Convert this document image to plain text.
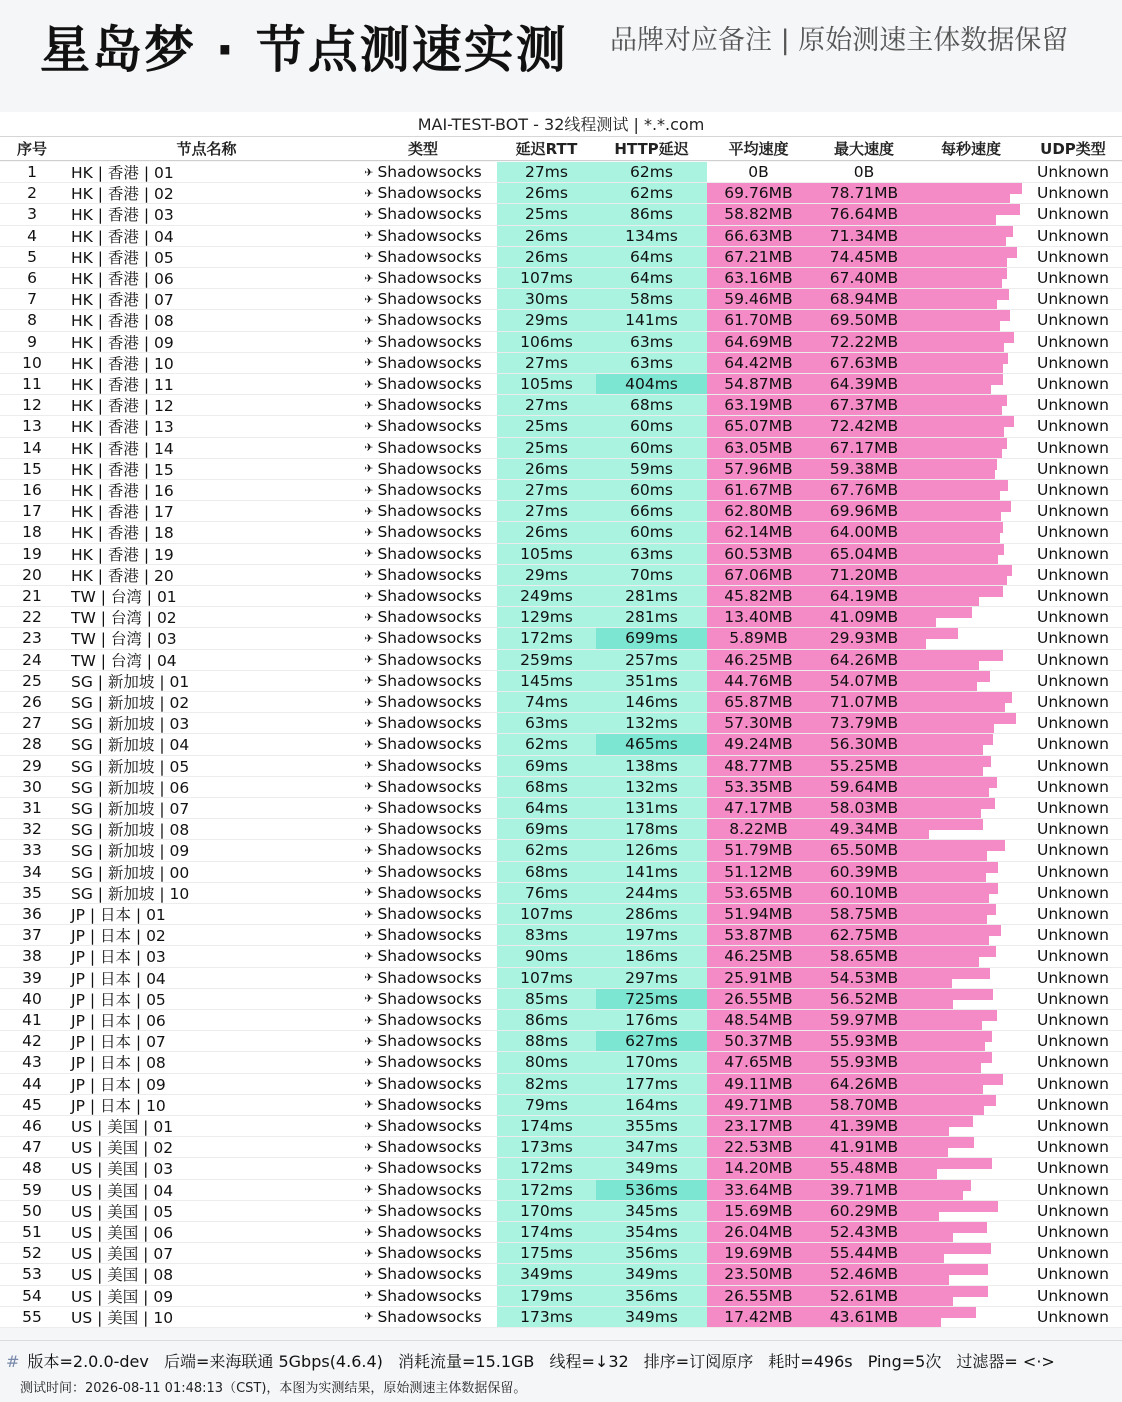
星岛梦 · 节点测速实测 品牌对应备注 | 原始测速主体数据保留
MAI-TEST-BOT - 32线程测试 | *.*.com
序号	节点名称	类型	延迟RTT	HTTP延迟	平均速度	最大速度	每秒速度	UDP类型
1	HK | 香港 | 01	✈ Shadowsocks	27ms	62ms	0B	0B	Unknown
2	HK | 香港 | 02	✈ Shadowsocks	26ms	62ms	69.76MB	78.71MB	Unknown
3	HK | 香港 | 03	✈ Shadowsocks	25ms	86ms	58.82MB	76.64MB	Unknown
4	HK | 香港 | 04	✈ Shadowsocks	26ms	134ms	66.63MB	71.34MB	Unknown
5	HK | 香港 | 05	✈ Shadowsocks	26ms	64ms	67.21MB	74.45MB	Unknown
6	HK | 香港 | 06	✈ Shadowsocks	107ms	64ms	63.16MB	67.40MB	Unknown
7	HK | 香港 | 07	✈ Shadowsocks	30ms	58ms	59.46MB	68.94MB	Unknown
8	HK | 香港 | 08	✈ Shadowsocks	29ms	141ms	61.70MB	69.50MB	Unknown
9	HK | 香港 | 09	✈ Shadowsocks	106ms	63ms	64.69MB	72.22MB	Unknown
10	HK | 香港 | 10	✈ Shadowsocks	27ms	63ms	64.42MB	67.63MB	Unknown
11	HK | 香港 | 11	✈ Shadowsocks	105ms	404ms	54.87MB	64.39MB	Unknown
12	HK | 香港 | 12	✈ Shadowsocks	27ms	68ms	63.19MB	67.37MB	Unknown
13	HK | 香港 | 13	✈ Shadowsocks	25ms	60ms	65.07MB	72.42MB	Unknown
14	HK | 香港 | 14	✈ Shadowsocks	25ms	60ms	63.05MB	67.17MB	Unknown
15	HK | 香港 | 15	✈ Shadowsocks	26ms	59ms	57.96MB	59.38MB	Unknown
16	HK | 香港 | 16	✈ Shadowsocks	27ms	60ms	61.67MB	67.76MB	Unknown
17	HK | 香港 | 17	✈ Shadowsocks	27ms	66ms	62.80MB	69.96MB	Unknown
18	HK | 香港 | 18	✈ Shadowsocks	26ms	60ms	62.14MB	64.00MB	Unknown
19	HK | 香港 | 19	✈ Shadowsocks	105ms	63ms	60.53MB	65.04MB	Unknown
20	HK | 香港 | 20	✈ Shadowsocks	29ms	70ms	67.06MB	71.20MB	Unknown
21	TW | 台湾 | 01	✈ Shadowsocks	249ms	281ms	45.82MB	64.19MB	Unknown
22	TW | 台湾 | 02	✈ Shadowsocks	129ms	281ms	13.40MB	41.09MB	Unknown
23	TW | 台湾 | 03	✈ Shadowsocks	172ms	699ms	5.89MB	29.93MB	Unknown
24	TW | 台湾 | 04	✈ Shadowsocks	259ms	257ms	46.25MB	64.26MB	Unknown
25	SG | 新加坡 | 01	✈ Shadowsocks	145ms	351ms	44.76MB	54.07MB	Unknown
26	SG | 新加坡 | 02	✈ Shadowsocks	74ms	146ms	65.87MB	71.07MB	Unknown
27	SG | 新加坡 | 03	✈ Shadowsocks	63ms	132ms	57.30MB	73.79MB	Unknown
28	SG | 新加坡 | 04	✈ Shadowsocks	62ms	465ms	49.24MB	56.30MB	Unknown
29	SG | 新加坡 | 05	✈ Shadowsocks	69ms	138ms	48.77MB	55.25MB	Unknown
30	SG | 新加坡 | 06	✈ Shadowsocks	68ms	132ms	53.35MB	59.64MB	Unknown
31	SG | 新加坡 | 07	✈ Shadowsocks	64ms	131ms	47.17MB	58.03MB	Unknown
32	SG | 新加坡 | 08	✈ Shadowsocks	69ms	178ms	8.22MB	49.34MB	Unknown
33	SG | 新加坡 | 09	✈ Shadowsocks	62ms	126ms	51.79MB	65.50MB	Unknown
34	SG | 新加坡 | 00	✈ Shadowsocks	68ms	141ms	51.12MB	60.39MB	Unknown
35	SG | 新加坡 | 10	✈ Shadowsocks	76ms	244ms	53.65MB	60.10MB	Unknown
36	JP | 日本 | 01	✈ Shadowsocks	107ms	286ms	51.94MB	58.75MB	Unknown
37	JP | 日本 | 02	✈ Shadowsocks	83ms	197ms	53.87MB	62.75MB	Unknown
38	JP | 日本 | 03	✈ Shadowsocks	90ms	186ms	46.25MB	58.65MB	Unknown
39	JP | 日本 | 04	✈ Shadowsocks	107ms	297ms	25.91MB	54.53MB	Unknown
40	JP | 日本 | 05	✈ Shadowsocks	85ms	725ms	26.55MB	56.52MB	Unknown
41	JP | 日本 | 06	✈ Shadowsocks	86ms	176ms	48.54MB	59.97MB	Unknown
42	JP | 日本 | 07	✈ Shadowsocks	88ms	627ms	50.37MB	55.93MB	Unknown
43	JP | 日本 | 08	✈ Shadowsocks	80ms	170ms	47.65MB	55.93MB	Unknown
44	JP | 日本 | 09	✈ Shadowsocks	82ms	177ms	49.11MB	64.26MB	Unknown
45	JP | 日本 | 10	✈ Shadowsocks	79ms	164ms	49.71MB	58.70MB	Unknown
46	US | 美国 | 01	✈ Shadowsocks	174ms	355ms	23.17MB	41.39MB	Unknown
47	US | 美国 | 02	✈ Shadowsocks	173ms	347ms	22.53MB	41.91MB	Unknown
48	US | 美国 | 03	✈ Shadowsocks	172ms	349ms	14.20MB	55.48MB	Unknown
59	US | 美国 | 04	✈ Shadowsocks	172ms	536ms	33.64MB	39.71MB	Unknown
50	US | 美国 | 05	✈ Shadowsocks	170ms	345ms	15.69MB	60.29MB	Unknown
51	US | 美国 | 06	✈ Shadowsocks	174ms	354ms	26.04MB	52.43MB	Unknown
52	US | 美国 | 07	✈ Shadowsocks	175ms	356ms	19.69MB	55.44MB	Unknown
53	US | 美国 | 08	✈ Shadowsocks	349ms	349ms	23.50MB	52.46MB	Unknown
54	US | 美国 | 09	✈ Shadowsocks	179ms	356ms	26.55MB	52.61MB	Unknown
55	US | 美国 | 10	✈ Shadowsocks	173ms	349ms	17.42MB	43.61MB	Unknown
# 版本=2.0.0-dev 后端=来海联通 5Gbps(4.6.4) 消耗流量=15.1GB 线程=↓32 排序=订阅原序 耗时=496s Ping=5次 过滤器= <·>
测试时间：2026-08-11 01:48:13（CST)，本图为实测结果，原始测速主体数据保留。
